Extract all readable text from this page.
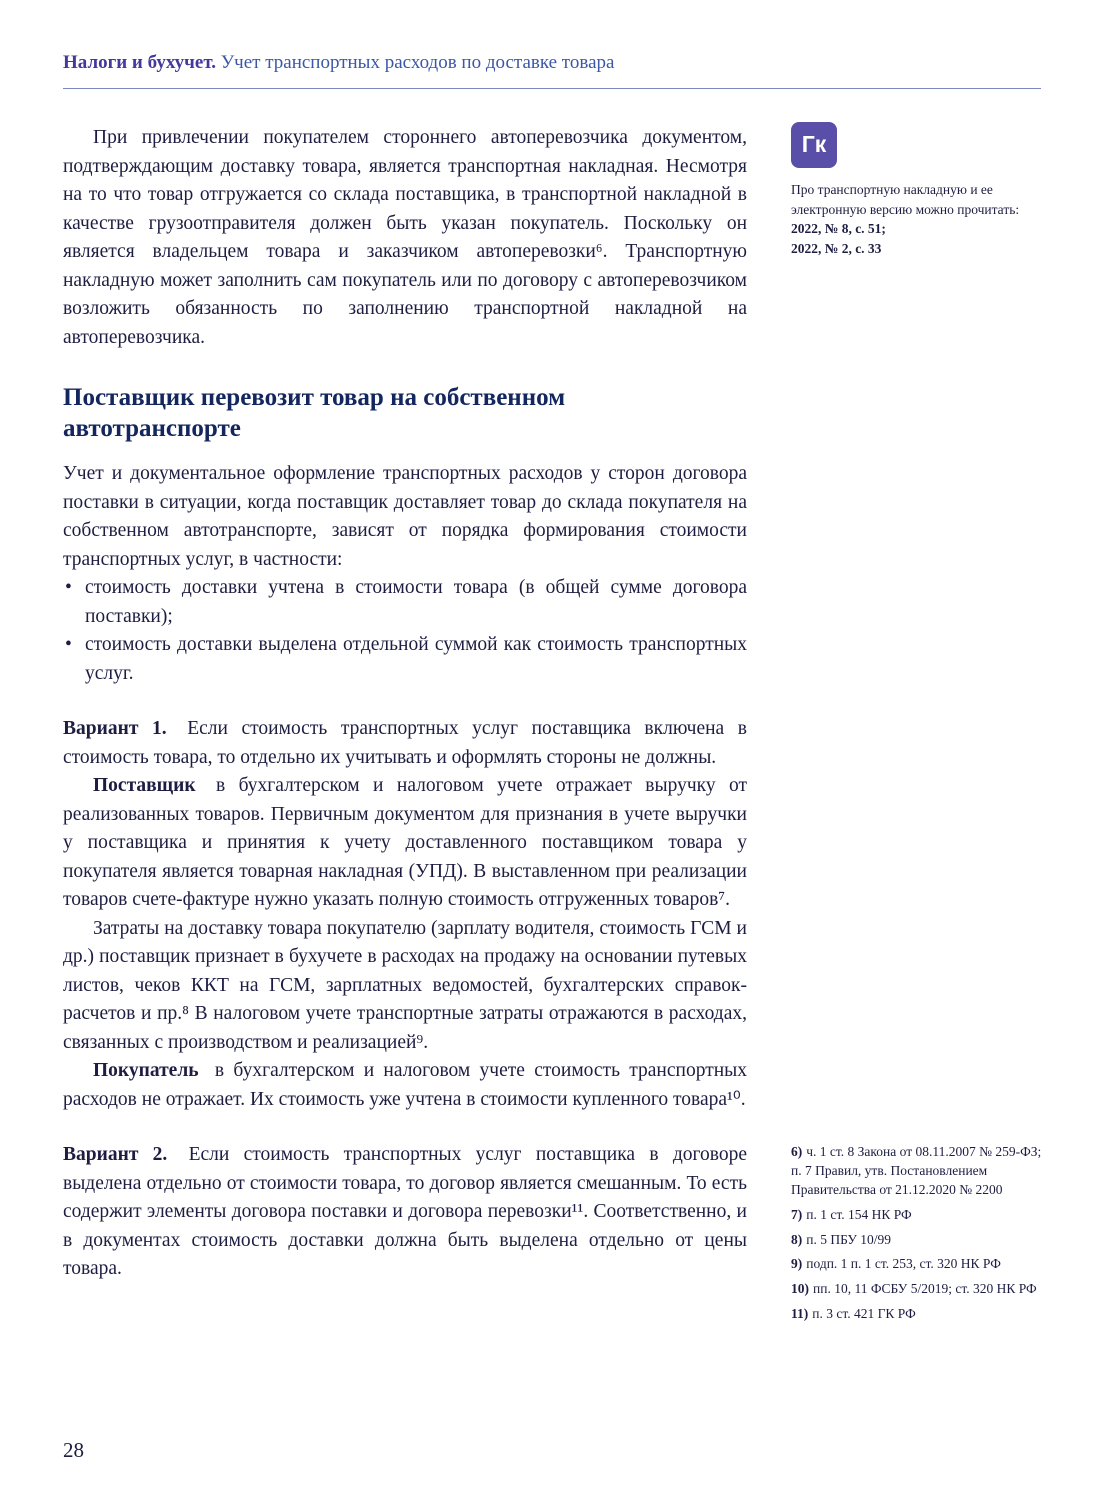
Налоги и бухучет. Учет транспортных расходов по доставке товара

При привлечении покупателем стороннего автоперевозчика документом, подтверждающим доставку товара, является транспортная накладная. Несмотря на то что товар отгружается со склада поставщика, в транспортной накладной в качестве грузоотправителя должен быть указан покупатель. Поскольку он является владельцем товара и заказчиком автоперевозки⁶. Транспортную накладную может заполнить сам покупатель или по договору с автоперевозчиком возложить обязанность по заполнению транспортной накладной на автоперевозчика.

Поставщик перевозит товар на собственном автотранспорте

Учет и документальное оформление транспортных расходов у сторон договора поставки в ситуации, когда поставщик доставляет товар до склада покупателя на собственном автотранспорте, зависят от порядка формирования стоимости транспортных услуг, в частности:

• стоимость доставки учтена в стоимости товара (в общей сумме договора поставки);
• стоимость доставки выделена отдельной суммой как стоимость транспортных услуг.

Вариант 1. Если стоимость транспортных услуг поставщика включена в стоимость товара, то отдельно их учитывать и оформлять стороны не должны.

Поставщик в бухгалтерском и налоговом учете отражает выручку от реализованных товаров. Первичным документом для признания в учете выручки у поставщика и принятия к учету доставленного поставщиком товара у покупателя является товарная накладная (УПД). В выставленном при реализации товаров счете-фактуре нужно указать полную стоимость отгруженных товаров⁷.

Затраты на доставку товара покупателю (зарплату водителя, стоимость ГСМ и др.) поставщик признает в бухучете в расходах на продажу на основании путевых листов, чеков ККТ на ГСМ, зарплатных ведомостей, бухгалтерских справок-расчетов и пр.⁸ В налоговом учете транспортные затраты отражаются в расходах, связанных с производством и реализацией⁹.

Покупатель в бухгалтерском и налоговом учете стоимость транспортных расходов не отражает. Их стоимость уже учтена в стоимости купленного товара¹⁰.

Вариант 2. Если стоимость транспортных услуг поставщика в договоре выделена отдельно от стоимости товара, то договор является смешанным. То есть содержит элементы договора поставки и договора перевозки¹¹. Соответственно, и в документах стоимость доставки должна быть выделена отдельно от цены товара.

Гк
Про транспортную накладную и ее электронную версию можно прочитать:
2022, № 8, с. 51;
2022, № 2, с. 33
6) ч. 1 ст. 8 Закона от 08.11.2007 № 259-ФЗ; п. 7 Правил, утв. Постановлением Правительства от 21.12.2020 № 2200
7) п. 1 ст. 154 НК РФ
8) п. 5 ПБУ 10/99
9) подп. 1 п. 1 ст. 253, ст. 320 НК РФ
10) пп. 10, 11 ФСБУ 5/2019; ст. 320 НК РФ
11) п. 3 ст. 421 ГК РФ
28
